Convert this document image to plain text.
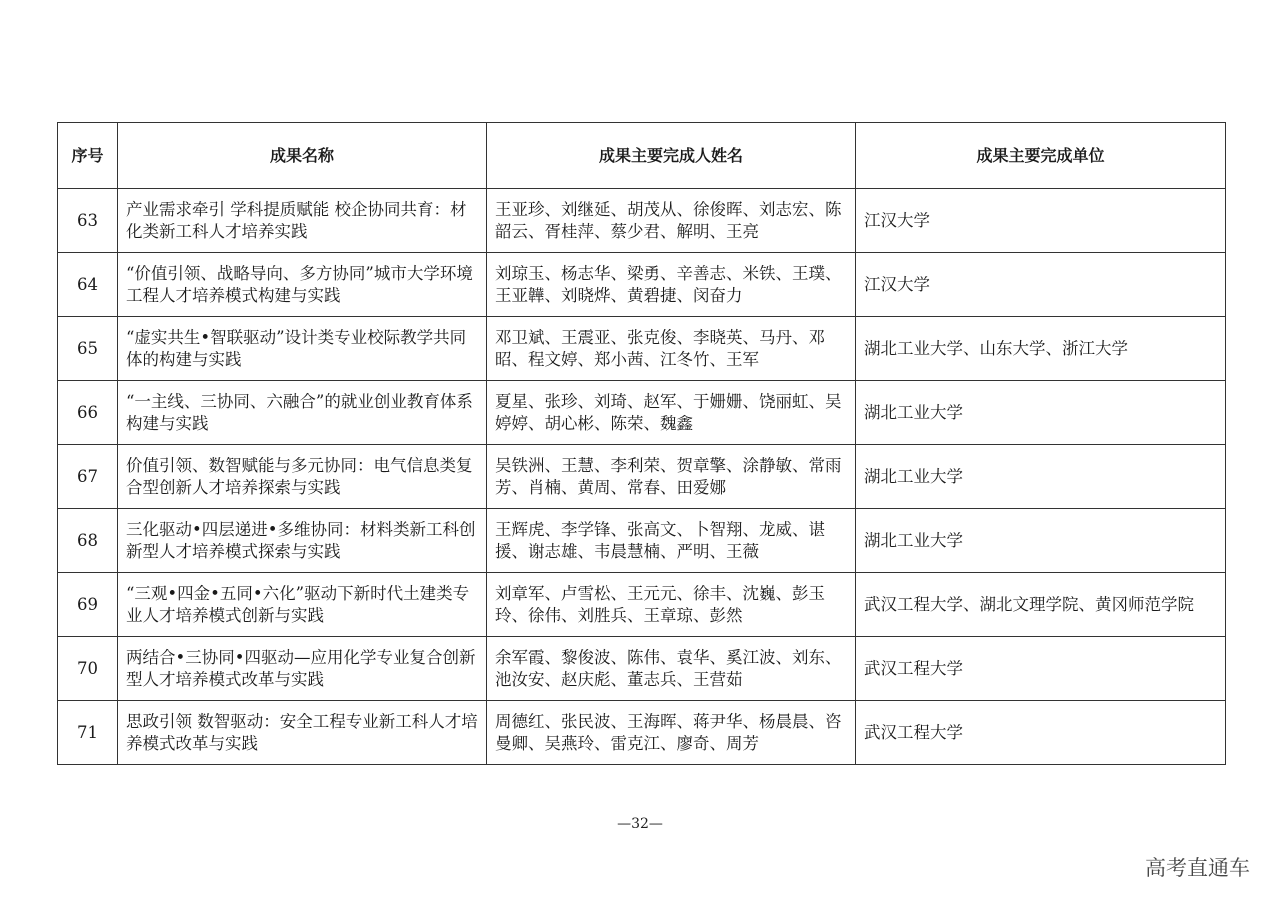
序号	成果名称	成果主要完成人姓名	成果主要完成单位
63	产业需求牵引 学科提质赋能 校企协同共育：材化类新工科人才培养实践	王亚珍、刘继延、胡茂从、徐俊晖、刘志宏、陈韶云、胥桂萍、蔡少君、解明、王亮	江汉大学
64	“价值引领、战略导向、多方协同”城市大学环境工程人才培养模式构建与实践	刘琼玉、杨志华、梁勇、辛善志、米铁、王璞、王亚韡、刘晓烨、黄碧捷、闵奋力	江汉大学
65	“虚实共生•智联驱动”设计类专业校际教学共同体的构建与实践	邓卫斌、王震亚、张克俊、李晓英、马丹、邓昭、程文婷、郑小茜、江冬竹、王军	湖北工业大学、山东大学、浙江大学
66	“一主线、三协同、六融合”的就业创业教育体系构建与实践	夏星、张珍、刘琦、赵军、于姗姗、饶丽虹、吴婷婷、胡心彬、陈荣、魏鑫	湖北工业大学
67	价值引领、数智赋能与多元协同：电气信息类复合型创新人才培养探索与实践	吴铁洲、王慧、李利荣、贺章擎、涂静敏、常雨芳、肖楠、黄周、常春、田爱娜	湖北工业大学
68	三化驱动•四层递进•多维协同：材料类新工科创新型人才培养模式探索与实践	王辉虎、李学锋、张高文、卜智翔、龙威、谌援、谢志雄、韦晨慧楠、严明、王薇	湖北工业大学
69	“三观•四金•五同•六化”驱动下新时代土建类专业人才培养模式创新与实践	刘章军、卢雪松、王元元、徐丰、沈巍、彭玉玲、徐伟、刘胜兵、王章琼、彭然	武汉工程大学、湖北文理学院、黄冈师范学院
70	两结合•三协同•四驱动—应用化学专业复合创新型人才培养模式改革与实践	余军霞、黎俊波、陈伟、袁华、奚江波、刘东、池汝安、赵庆彪、董志兵、王营茹	武汉工程大学
71	思政引领 数智驱动：安全工程专业新工科人才培养模式改革与实践	周德红、张民波、王海晖、蒋尹华、杨晨晨、咨曼卿、吴燕玲、雷克江、廖奇、周芳	武汉工程大学
—32—
高考直通车
